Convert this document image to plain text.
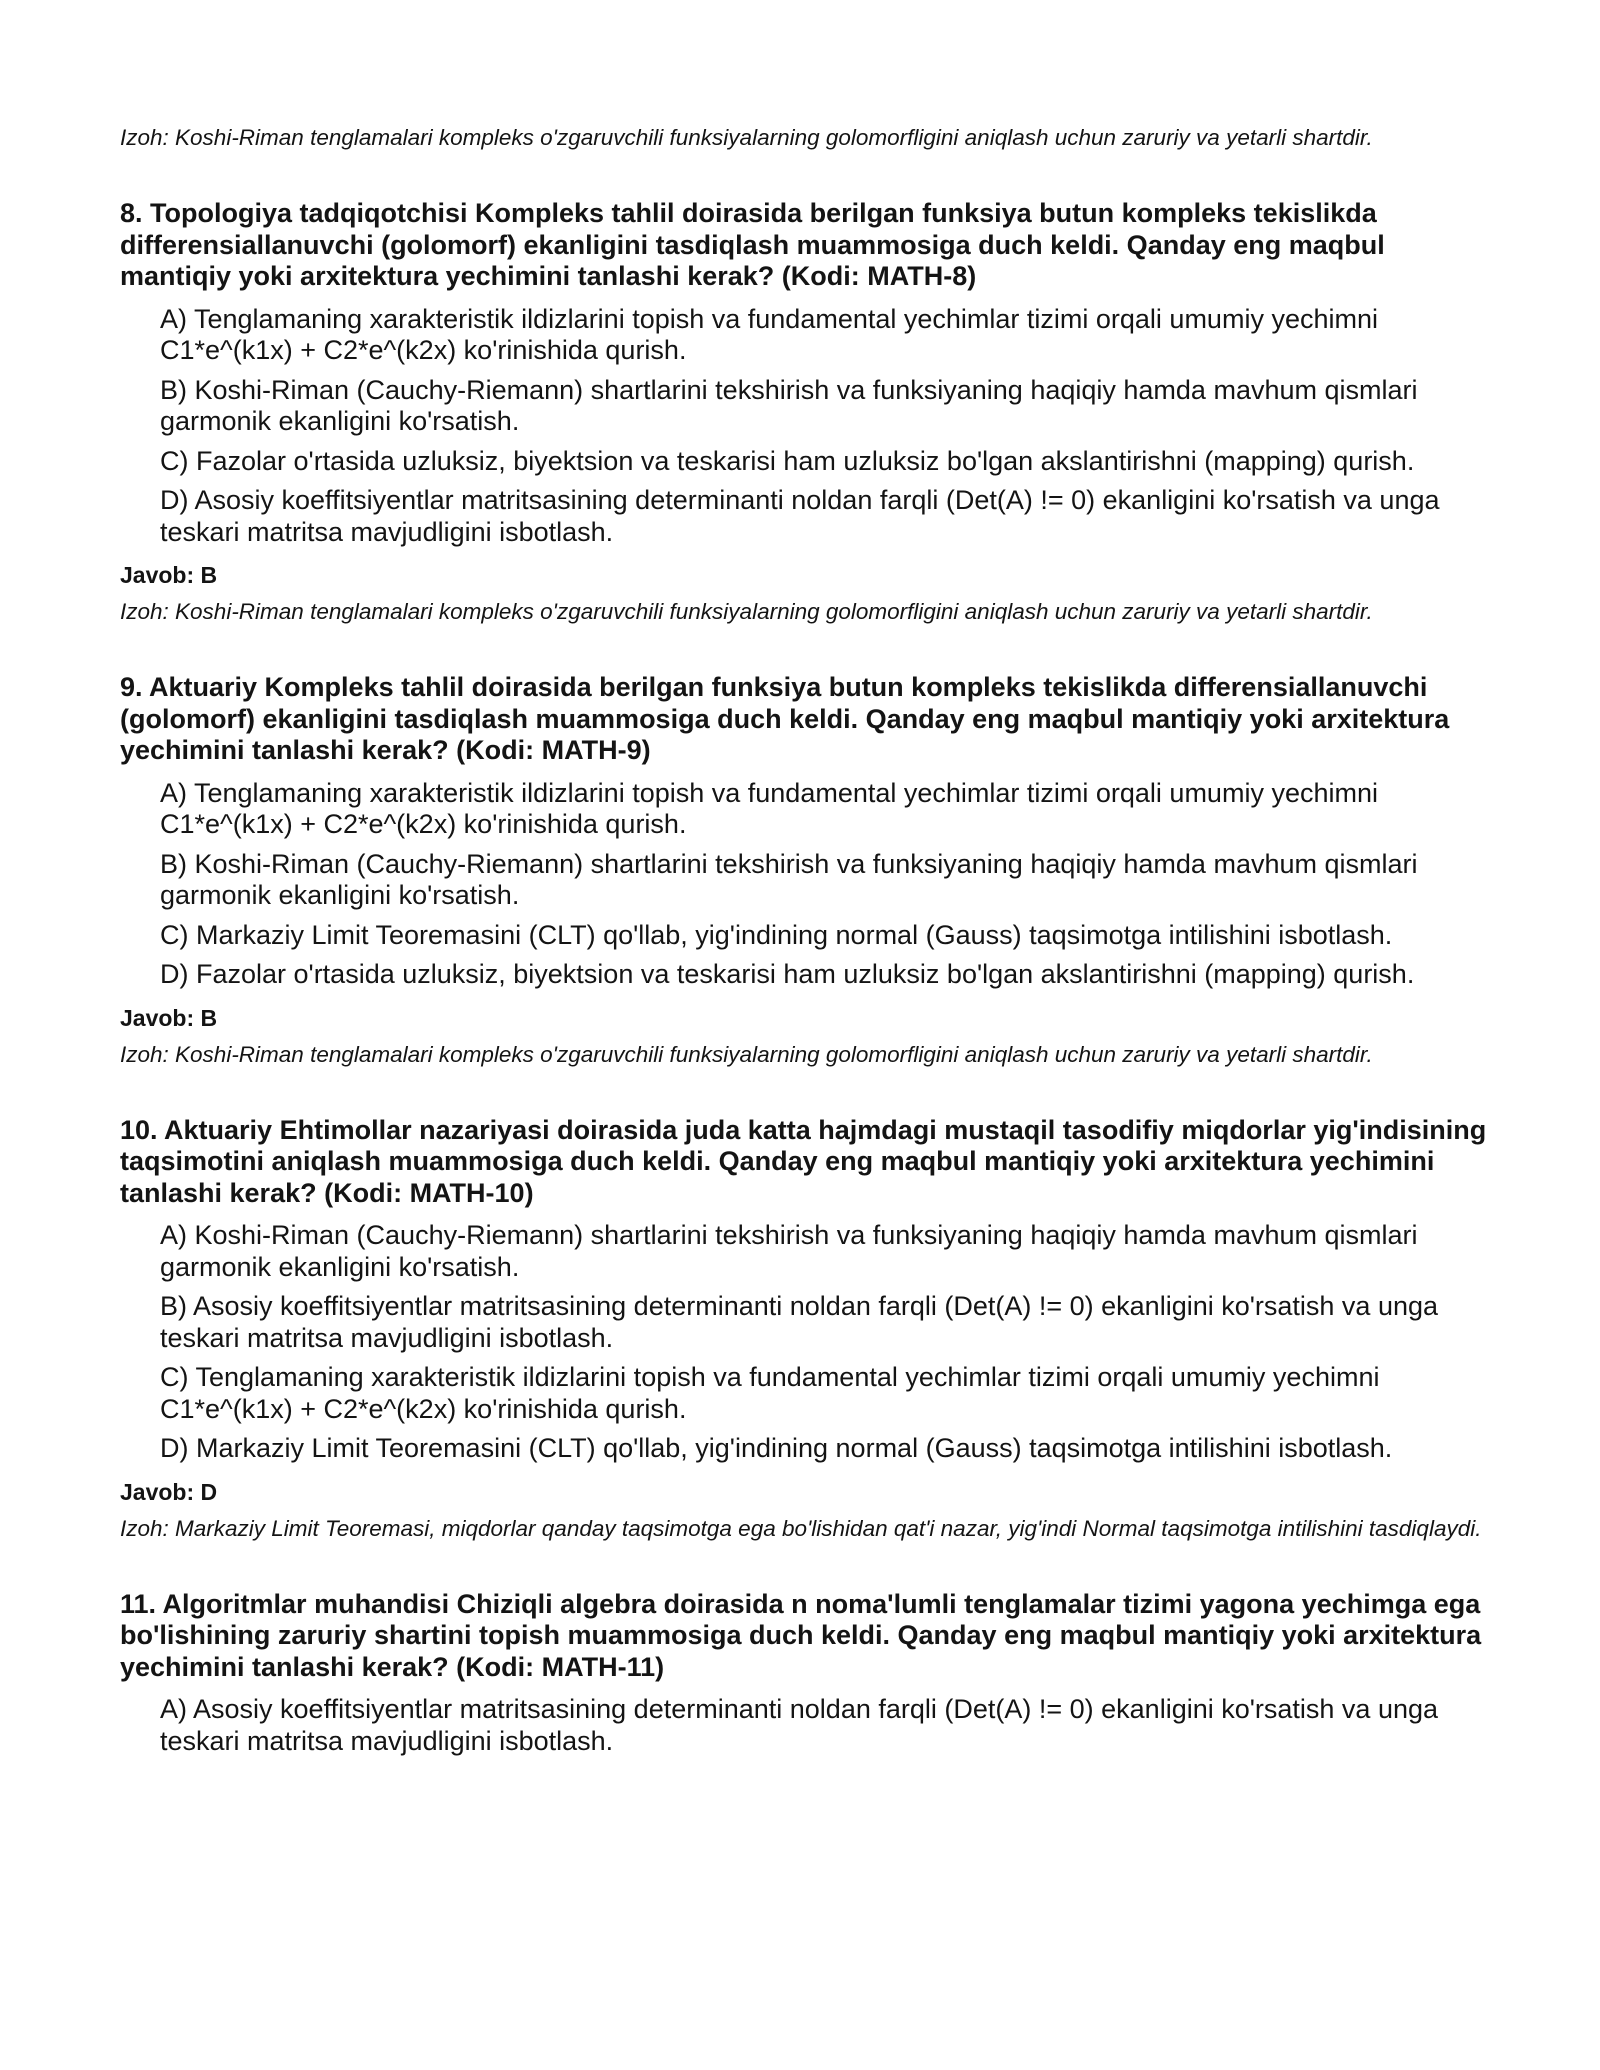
Izoh: Koshi-Riman tenglamalari kompleks o'zgaruvchili funksiyalarning golomorfligini aniqlash uchun zaruriy va yetarli shartdir.

8. Topologiya tadqiqotchisi Kompleks tahlil doirasida berilgan funksiya butun kompleks tekislikda differensiallanuvchi (golomorf) ekanligini tasdiqlash muammosiga duch keldi. Qanday eng maqbul mantiqiy yoki arxitektura yechimini tanlashi kerak? (Kodi: MATH-8)

A) Tenglamaning xarakteristik ildizlarini topish va fundamental yechimlar tizimi orqali umumiy yechimni C1*e^(k1x) + C2*e^(k2x) ko'rinishida qurish.

B) Koshi-Riman (Cauchy-Riemann) shartlarini tekshirish va funksiyaning haqiqiy hamda mavhum qismlari garmonik ekanligini ko'rsatish.

C) Fazolar o'rtasida uzluksiz, biyektsion va teskarisi ham uzluksiz bo'lgan akslantirishni (mapping) qurish.

D) Asosiy koeffitsiyentlar matritsasining determinanti noldan farqli (Det(A) != 0) ekanligini ko'rsatish va unga teskari matritsa mavjudligini isbotlash.

Javob: B

Izoh: Koshi-Riman tenglamalari kompleks o'zgaruvchili funksiyalarning golomorfligini aniqlash uchun zaruriy va yetarli shartdir.

9. Aktuariy Kompleks tahlil doirasida berilgan funksiya butun kompleks tekislikda differensiallanuvchi (golomorf) ekanligini tasdiqlash muammosiga duch keldi. Qanday eng maqbul mantiqiy yoki arxitektura yechimini tanlashi kerak? (Kodi: MATH-9)

A) Tenglamaning xarakteristik ildizlarini topish va fundamental yechimlar tizimi orqali umumiy yechimni C1*e^(k1x) + C2*e^(k2x) ko'rinishida qurish.

B) Koshi-Riman (Cauchy-Riemann) shartlarini tekshirish va funksiyaning haqiqiy hamda mavhum qismlari garmonik ekanligini ko'rsatish.

C) Markaziy Limit Teoremasini (CLT) qo'llab, yig'indining normal (Gauss) taqsimotga intilishini isbotlash.

D) Fazolar o'rtasida uzluksiz, biyektsion va teskarisi ham uzluksiz bo'lgan akslantirishni (mapping) qurish.

Javob: B

Izoh: Koshi-Riman tenglamalari kompleks o'zgaruvchili funksiyalarning golomorfligini aniqlash uchun zaruriy va yetarli shartdir.

10. Aktuariy Ehtimollar nazariyasi doirasida juda katta hajmdagi mustaqil tasodifiy miqdorlar yig'indisining taqsimotini aniqlash muammosiga duch keldi. Qanday eng maqbul mantiqiy yoki arxitektura yechimini tanlashi kerak? (Kodi: MATH-10)

A) Koshi-Riman (Cauchy-Riemann) shartlarini tekshirish va funksiyaning haqiqiy hamda mavhum qismlari garmonik ekanligini ko'rsatish.

B) Asosiy koeffitsiyentlar matritsasining determinanti noldan farqli (Det(A) != 0) ekanligini ko'rsatish va unga teskari matritsa mavjudligini isbotlash.

C) Tenglamaning xarakteristik ildizlarini topish va fundamental yechimlar tizimi orqali umumiy yechimni C1*e^(k1x) + C2*e^(k2x) ko'rinishida qurish.

D) Markaziy Limit Teoremasini (CLT) qo'llab, yig'indining normal (Gauss) taqsimotga intilishini isbotlash.

Javob: D

Izoh: Markaziy Limit Teoremasi, miqdorlar qanday taqsimotga ega bo'lishidan qat'i nazar, yig'indi Normal taqsimotga intilishini tasdiqlaydi.

11. Algoritmlar muhandisi Chiziqli algebra doirasida n noma'lumli tenglamalar tizimi yagona yechimga ega bo'lishining zaruriy shartini topish muammosiga duch keldi. Qanday eng maqbul mantiqiy yoki arxitektura yechimini tanlashi kerak? (Kodi: MATH-11)

A) Asosiy koeffitsiyentlar matritsasining determinanti noldan farqli (Det(A) != 0) ekanligini ko'rsatish va unga teskari matritsa mavjudligini isbotlash.
